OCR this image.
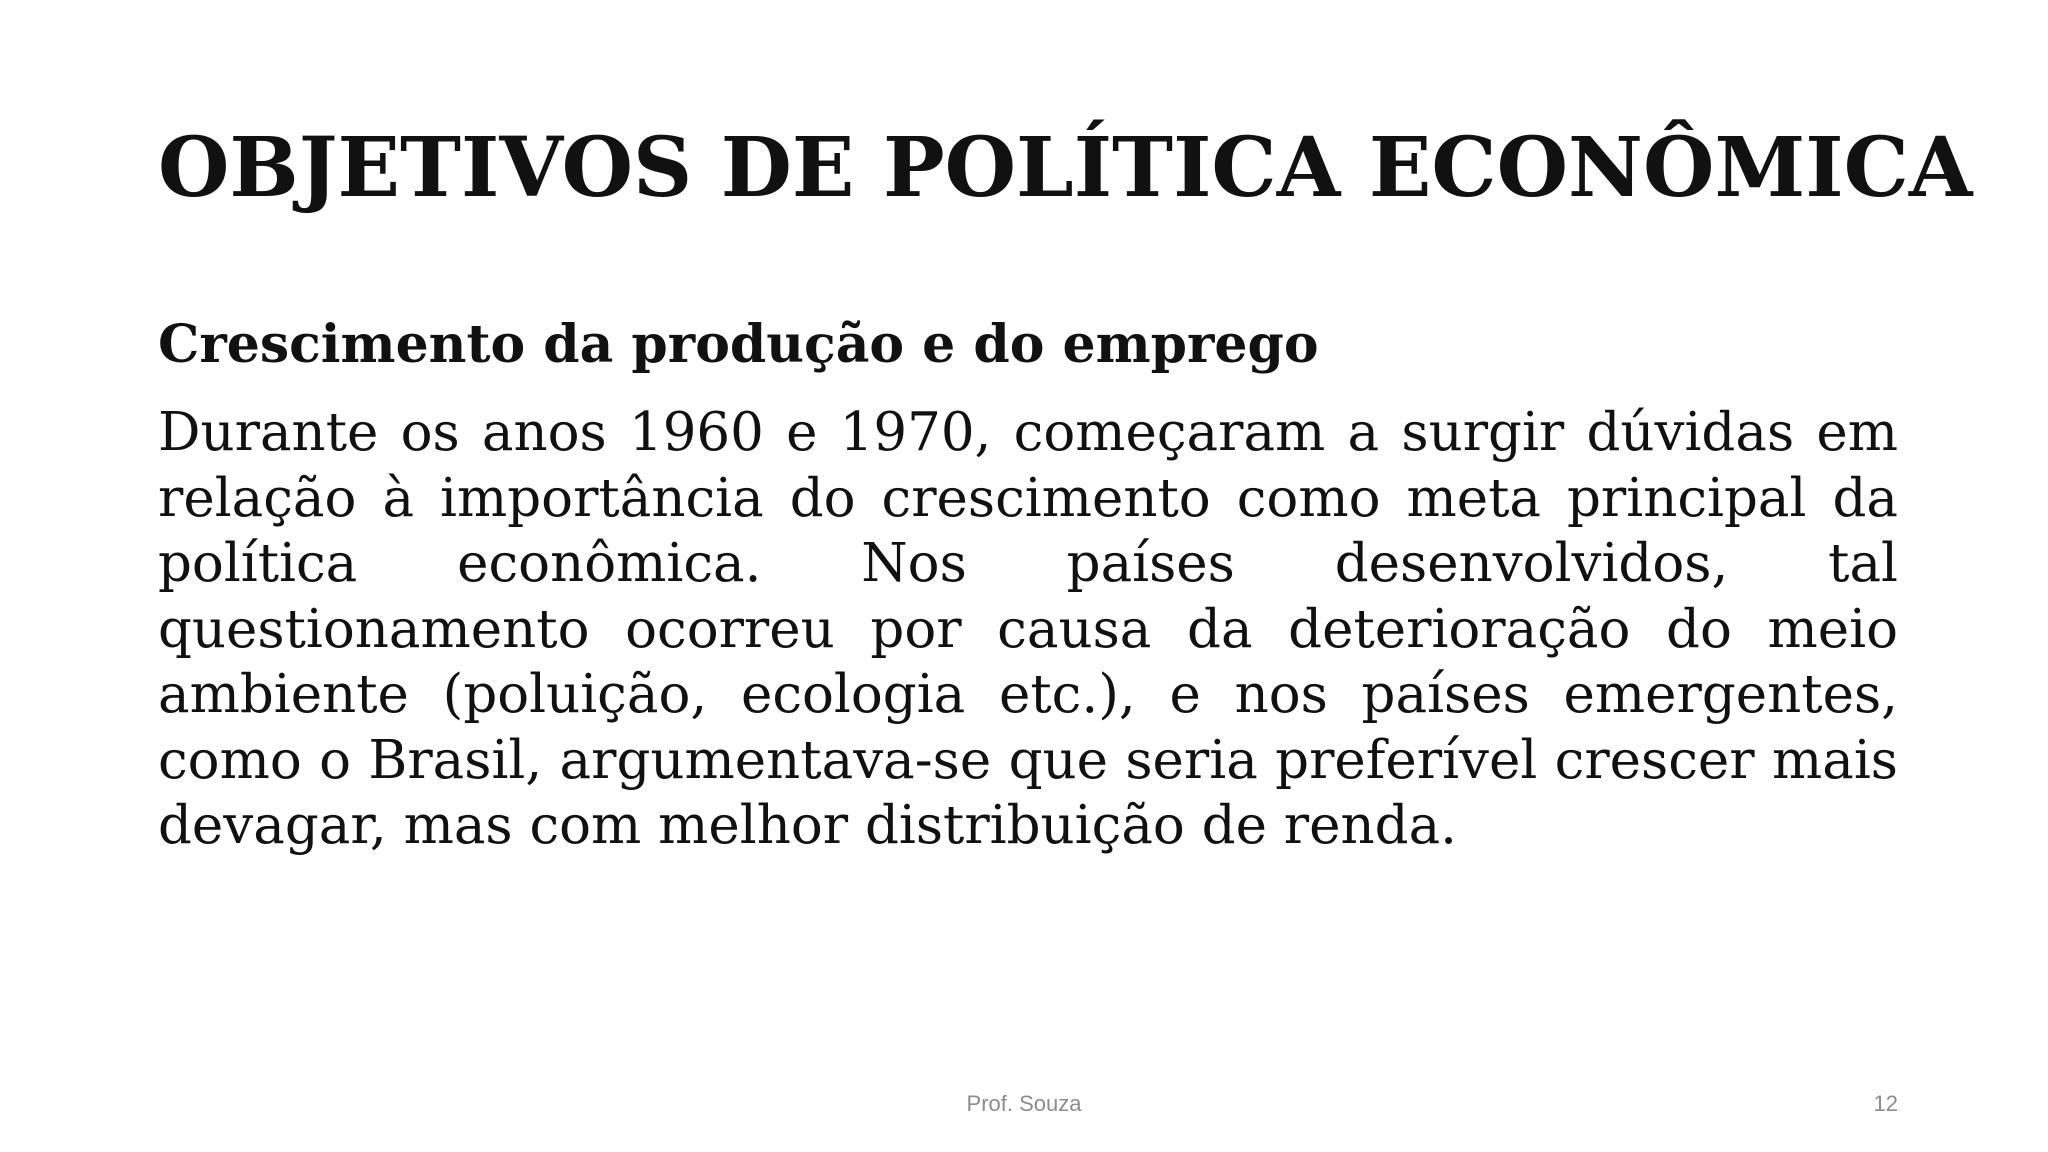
OBJETIVOS DE POLÍTICA ECONÔMICA
Crescimento da produção e do emprego

Durante os anos 1960 e 1970, começaram a surgir dúvidas em relação à importância do crescimento como meta principal da política econômica. Nos países desenvolvidos, tal questionamento ocorreu por causa da deterioração do meio ambiente (poluição, ecologia etc.), e nos países emergentes, como o Brasil, argumentava-se que seria preferível crescer mais devagar, mas com melhor distribuição de renda.

Prof. Souza	12
